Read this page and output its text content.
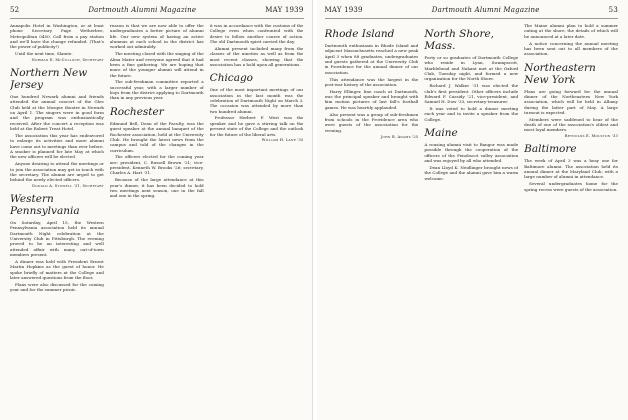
52	Dartmouth Alumni Magazine	MAY 1939

Annapolis Hotel in Washington, or at least phone Secretary Page Wetherbee, Metropolitan 0450. Call from a pay station and we'll have the change refunded. (That's the power of publicity!)

Until the next time, Slainte.

Norman E. McCulloch, Secretary
Northern New Jersey

One hundred Newark alumni and friends attended the annual concert of the Glee Club held at the Mosque theatre in Newark on April 1. The singers were in good form and the program was enthusiastically received. After the concert a reception was held at the Robert Treat Hotel.

The association this year has endeavored to enlarge its activities and more alumni have come out to meetings than ever before. A smoker is planned for late May at which the new officers will be elected.

Anyone desiring to attend the meetings or to join the association may get in touch with the secretary. The alumni are urged to get behind the newly elected officers.

Donald A. Stowell '31, Secretary
Western Pennsylvania

On Saturday, April 15, the Western Pennsylvania association held its annual Dartmouth Night celebration at the University Club in Pittsburgh. The evening proved to be an interesting and well attended affair with many out-of-town members present.

A dinner was held with President Ernest Martin Hopkins as the guest of honor. He spoke briefly of matters at the College and later answered questions from the floor.

Plans were also discussed for the coming year and for the summer picnic.

reason is that we are now able to offer the undergraduates a better picture of alumni life. Our new system of having an active alumnus at each school in the district has worked out admirably.

The meeting closed with the singing of the Alma Mater and everyone agreed that it had been a fine gathering. We are hoping that more of the younger alumni will attend in the future.

The sub-freshman committee reported a successful year, with a larger number of boys from the district applying to Dartmouth than in any previous year.

Rochester

Edmund Bell, Dean of the Faculty, was the guest speaker at the annual banquet of the Rochester association, held at the University Club. He brought the latest news from the campus and told of the changes in the curriculum.

The officers elected for the coming year are: president, C. Russell Brown '21; vice-president, Kenneth W. Brooks '26; secretary, Charles A. Hart '31.

Because of the large attendance at this year's dinner, it has been decided to hold two meetings next season, one in the fall and one in the spring.

it was in accordance with the customs of the College even when confronted with the desire to follow another course of action. The old Dartmouth spirit carried the day.

Alumni present included many from the classes of the nineties as well as from the most recent classes, showing that the association has a hold upon all generations.

Chicago

One of the most important meetings of our association in the last month was the celebration of Dartmouth Night on March 3. The occasion was attended by more than two hundred alumni.

Professor Herbert F. West was the speaker and he gave a stirring talk on the present state of the College and the outlook for the future of the liberal arts.

William H. Lane '35
MAY 1939	Dartmouth Alumni Magazine	53
Rhode Island

Dartmouth enthusiasm in Rhode Island and adjacent Massachusetts reached a new peak April 3 when 88 graduates, undergraduates and guests gathered at the University Club in Providence for the annual dinner of our association.

This attendance was the largest in the post-war history of the association.

Harry Ellinger, line coach at Dartmouth, was the principal speaker and brought with him motion pictures of last fall's football games. He was heartily applauded.

Also present was a group of sub-freshmen from schools in the Providence area who were guests of the association for the evening.

John R. Adams '25
North Shore, Mass.

Forty or so graduates of Dartmouth College who reside in Lynn, Swampscott, Marblehead and Nahant met at the Oxford Club, Tuesday night, and formed a new organization for the North Shore.

Richard J. Walker '31 was elected the club's first president. Other officers include Edward F. Cassidy '21, vice-president, and Samuel H. Dow '33, secretary-treasurer.

It was voted to hold a dinner meeting each year and to invite a speaker from the College.

Maine

A rousing alumni visit to Bangor was made possible through the cooperation of the officers of the Penobscot valley association and was enjoyed by all who attended.

Dean Lloyd K. Neidlinger brought news of the College and the alumni gave him a warm welcome.

The Maine alumni plan to hold a summer outing at the shore, the details of which will be announced at a later date.

A notice concerning the annual meeting has been sent out to all members of the association.

Northeastern New York

Plans are going forward for the annual dinner of the Northeastern New York association, which will be held in Albany during the latter part of May. A large turnout is expected.

Members were saddened to hear of the death of one of the association's oldest and most loyal members.

Reynolds E. Moulton '33
Baltimore

The week of April 3 was a busy one for Baltimore alumni. The association held its annual dinner at the Maryland Club, with a large number of alumni in attendance.

Several undergraduates home for the spring recess were guests of the association.
